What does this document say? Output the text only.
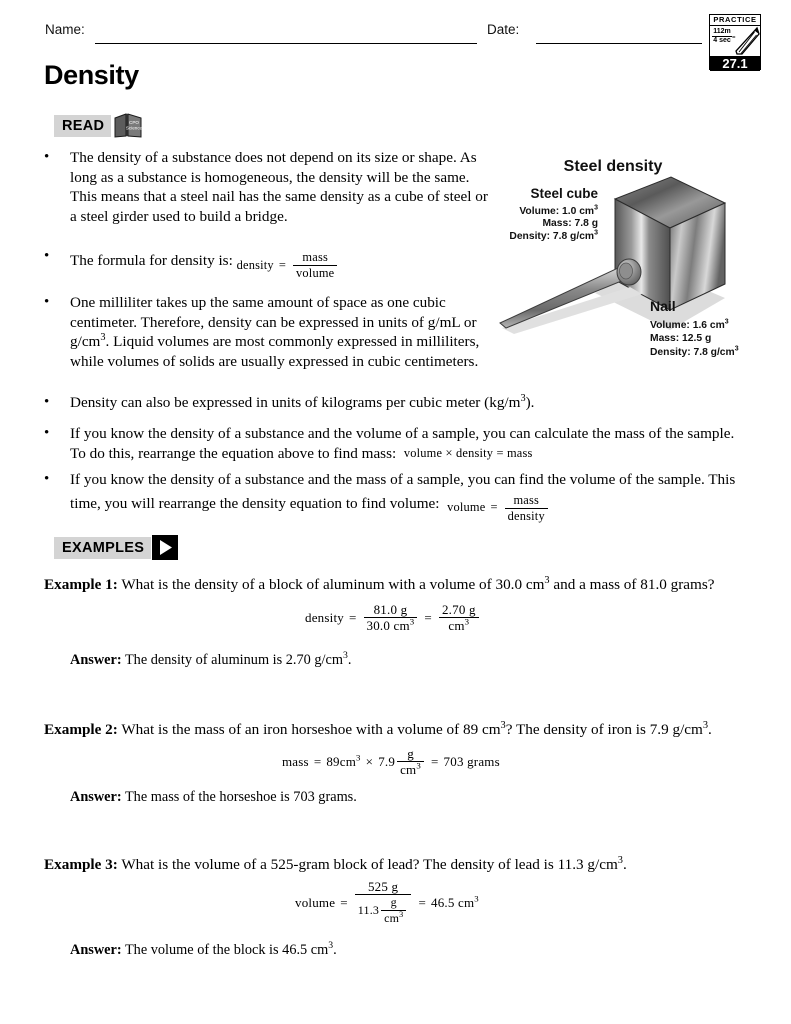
Name:	Date:
Density
PRACTICE
112m
4 sec =
27.1
READ	CPO
Science
•	The density of a substance does not depend on its size or shape. As long as a substance is homogeneous, the density will be the same. This means that a steel nail has the same density as a cube of steel or a steel girder used to build a bridge.
•	The formula for density is: density = $\frac{\text{mass}}{\text{volume}}$
•	One milliliter takes up the same amount of space as one cubic centimeter. Therefore, density can be expressed in units of g/mL or $g/cm^3$. Liquid volumes are most commonly expressed in milliliters, while volumes of solids are usually expressed in cubic centimeters.
•	Density can also be expressed in units of kilograms per cubic meter $(kg/m^3)$.
•	If you know the density of a substance and the volume of a sample, you can calculate the mass of the sample. To do this, rearrange the equation above to find mass: volume × density = mass
•	If you know the density of a substance and the mass of a sample, you can find the volume of the sample. This time, you will rearrange the density equation to find volume: volume = $\frac{\text{mass}}{\text{density}}$
Steel density
Steel cube
Volume: 1.0 $cm^3$
Mass: 7.8 g
Density: 7.8 $g/cm^3$
Nail
Volume: 1.6 $cm^3$
Mass: 12.5 g
Density: 7.8 $g/cm^3$
EXAMPLES
Example 1: What is the density of a block of aluminum with a volume of 30.0 $cm^3$ and a mass of 81.0 grams?
density = $\frac{81.0 g}{30.0 cm^3} = \frac{2.70 g}{cm^3}$
Answer: The density of aluminum is 2.70 $g/cm^3$.
Example 2: What is the mass of an iron horseshoe with a volume of 89 $cm^3$? The density of iron is 7.9 $g/cm^3$.
mass = $89cm^3 \times 7.9 \frac{g}{cm^3} = 703$ grams
Answer: The mass of the horseshoe is 703 grams.
Example 3: What is the volume of a 525-gram block of lead? The density of lead is 11.3 $g/cm^3$.
volume = $\frac{525 g}{11.3 \frac{g}{cm^3}} = 46.5$ $cm^3$
Answer: The volume of the block is 46.5 $cm^3$.
